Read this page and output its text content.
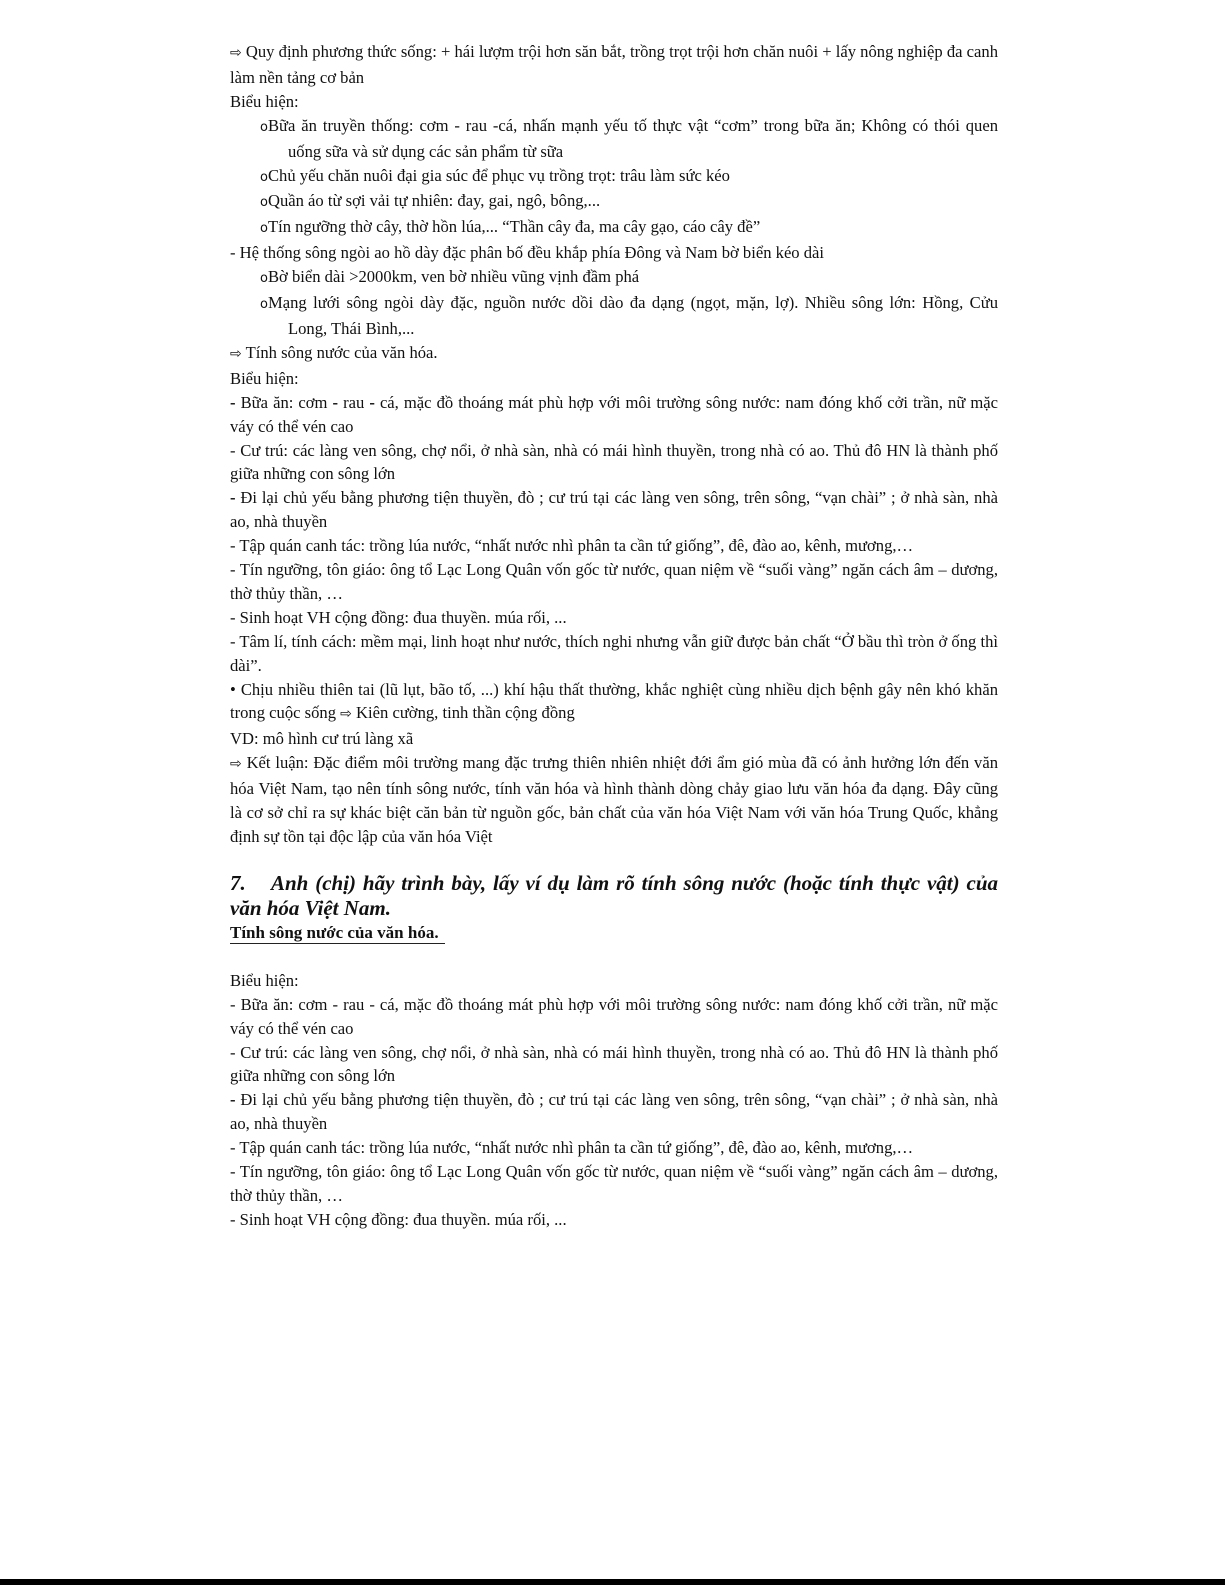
⇨ Quy định phương thức sống: + hái lượm trội hơn săn bắt, trồng trọt trội hơn chăn nuôi + lấy nông nghiệp đa canh làm nền tảng cơ bản

Biểu hiện:

oBữa ăn truyền thống: cơm - rau -cá, nhấn mạnh yếu tố thực vật “cơm” trong bữa ăn; Không có thói quen uống sữa và sử dụng các sản phẩm từ sữa

oChủ yếu chăn nuôi đại gia súc để phục vụ trồng trọt: trâu làm sức kéo

oQuần áo từ sợi vải tự nhiên: đay, gai, ngô, bông,...

oTín ngưỡng thờ cây, thờ hồn lúa,... “Thần cây đa, ma cây gạo, cáo cây đề”

- Hệ thống sông ngòi ao hồ dày đặc phân bố đều khắp phía Đông và Nam bờ biển kéo dài

oBờ biển dài >2000km, ven bờ nhiều vũng vịnh đầm phá

oMạng lưới sông ngòi dày đặc, nguồn nước dồi dào đa dạng (ngọt, mặn, lợ). Nhiều sông lớn: Hồng, Cửu Long, Thái Bình,...

⇨ Tính sông nước của văn hóa.

Biểu hiện:

- Bữa ăn: cơm - rau - cá, mặc đồ thoáng mát phù hợp với môi trường sông nước: nam đóng khố cởi trần, nữ mặc váy có thể vén cao

- Cư trú: các làng ven sông, chợ nổi, ở nhà sàn, nhà có mái hình thuyền, trong nhà có ao. Thủ đô HN là thành phố giữa những con sông lớn

- Đi lại chủ yếu bằng phương tiện thuyền, đò ; cư trú tại các làng ven sông, trên sông, “vạn chài” ; ở nhà sàn, nhà ao, nhà thuyền

- Tập quán canh tác: trồng lúa nước, “nhất nước nhì phân ta cần tứ giống”, đê, đào ao, kênh, mương,…

- Tín ngưỡng, tôn giáo: ông tổ Lạc Long Quân vốn gốc từ nước, quan niệm về “suối vàng” ngăn cách âm – dương, thờ thủy thần, …

- Sinh hoạt VH cộng đồng: đua thuyền. múa rối, ...

- Tâm lí, tính cách: mềm mại, linh hoạt như nước, thích nghi nhưng vẫn giữ được bản chất “Ở bầu thì tròn ở ống thì dài”.

• Chịu nhiều thiên tai (lũ lụt, bão tố, ...) khí hậu thất thường, khắc nghiệt cùng nhiều dịch bệnh gây nên khó khăn trong cuộc sống ⇨ Kiên cường, tinh thần cộng đồng

VD: mô hình cư trú làng xã

⇨ Kết luận: Đặc điểm môi trường mang đặc trưng thiên nhiên nhiệt đới ẩm gió mùa đã có ảnh hưởng lớn đến văn hóa Việt Nam, tạo nên tính sông nước, tính văn hóa và hình thành dòng chảy giao lưu văn hóa đa dạng. Đây cũng là cơ sở chỉ ra sự khác biệt căn bản từ nguồn gốc, bản chất của văn hóa Việt Nam với văn hóa Trung Quốc, khẳng định sự tồn tại độc lập của văn hóa Việt

7. Anh (chị) hãy trình bày, lấy ví dụ làm rõ tính sông nước (hoặc tính thực vật) của văn hóa Việt Nam.

Tính sông nước của văn hóa.

Biểu hiện:

- Bữa ăn: cơm - rau - cá, mặc đồ thoáng mát phù hợp với môi trường sông nước: nam đóng khố cởi trần, nữ mặc váy có thể vén cao

- Cư trú: các làng ven sông, chợ nổi, ở nhà sàn, nhà có mái hình thuyền, trong nhà có ao. Thủ đô HN là thành phố giữa những con sông lớn

- Đi lại chủ yếu bằng phương tiện thuyền, đò ; cư trú tại các làng ven sông, trên sông, “vạn chài” ; ở nhà sàn, nhà ao, nhà thuyền

- Tập quán canh tác: trồng lúa nước, “nhất nước nhì phân ta cần tứ giống”, đê, đào ao, kênh, mương,…

- Tín ngưỡng, tôn giáo: ông tổ Lạc Long Quân vốn gốc từ nước, quan niệm về “suối vàng” ngăn cách âm – dương, thờ thủy thần, …

- Sinh hoạt VH cộng đồng: đua thuyền. múa rối, ...
